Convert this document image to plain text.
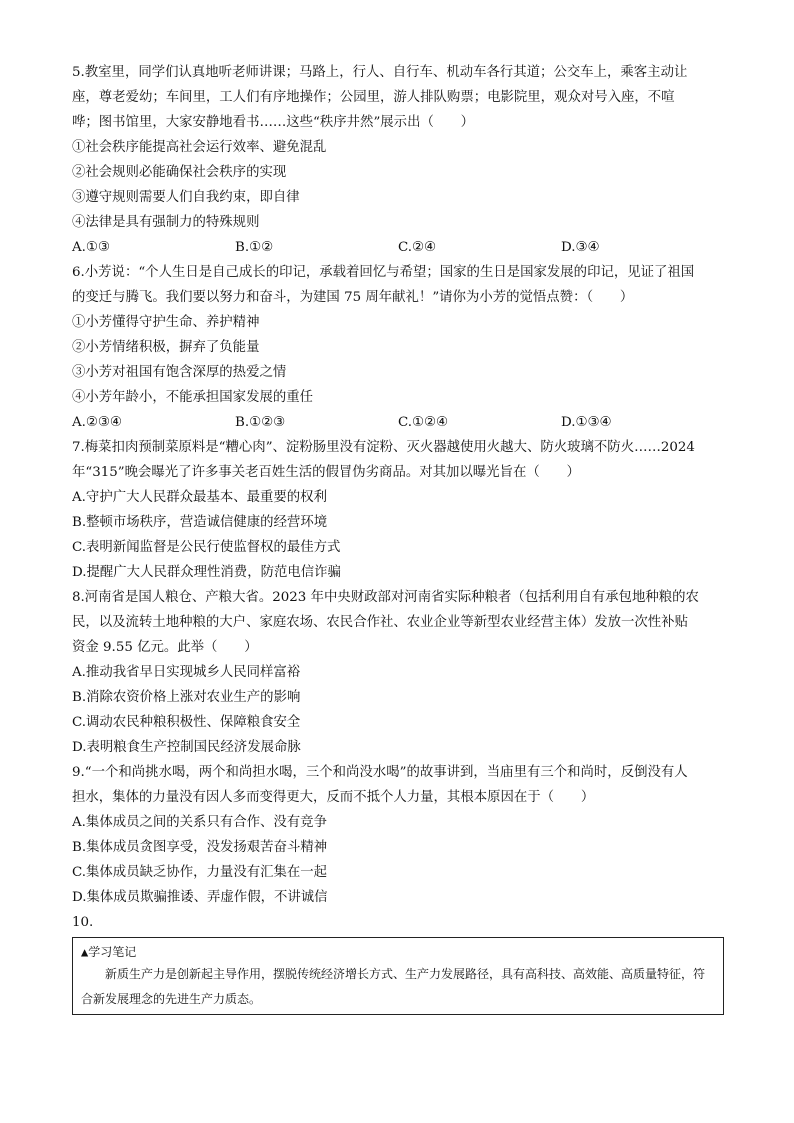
5.教室里，同学们认真地听老师讲课；马路上，行人、自行车、机动车各行其道；公交车上，乘客主动让
座，尊老爱幼；车间里，工人们有序地操作；公园里，游人排队购票；电影院里，观众对号入座，不喧
哗；图书馆里，大家安静地看书……这些“秩序井然”展示出（　　）
①社会秩序能提高社会运行效率、避免混乱
②社会规则必能确保社会秩序的实现
③遵守规则需要人们自我约束，即自律
④法律是具有强制力的特殊规则
A.①③	B.①②	C.②④	D.③④
6.小芳说：“个人生日是自己成长的印记，承载着回忆与希望；国家的生日是国家发展的印记，见证了祖国
的变迁与腾飞。我们要以努力和奋斗，为建国 75 周年献礼！”请你为小芳的觉悟点赞：（　　）
①小芳懂得守护生命、养护精神
②小芳情绪积极，摒弃了负能量
③小芳对祖国有饱含深厚的热爱之情
④小芳年龄小，不能承担国家发展的重任
A.②③④	B.①②③	C.①②④	D.①③④
7.梅菜扣肉预制菜原料是“糟心肉”、淀粉肠里没有淀粉、灭火器越使用火越大、防火玻璃不防火……2024
年“315”晚会曝光了许多事关老百姓生活的假冒伪劣商品。对其加以曝光旨在（　　）
A.守护广大人民群众最基本、最重要的权利
B.整顿市场秩序，营造诚信健康的经营环境
C.表明新闻监督是公民行使监督权的最佳方式
D.提醒广大人民群众理性消费，防范电信诈骗
8.河南省是国人粮仓、产粮大省。2023 年中央财政部对河南省实际种粮者（包括利用自有承包地种粮的农
民，以及流转土地种粮的大户、家庭农场、农民合作社、农业企业等新型农业经营主体）发放一次性补贴
资金 9.55 亿元。此举（　　）
A.推动我省早日实现城乡人民同样富裕
B.消除农资价格上涨对农业生产的影响
C.调动农民种粮积极性、保障粮食安全
D.表明粮食生产控制国民经济发展命脉
9.“一个和尚挑水喝，两个和尚担水喝，三个和尚没水喝”的故事讲到，当庙里有三个和尚时，反倒没有人
担水，集体的力量没有因人多而变得更大，反而不抵个人力量，其根本原因在于（　　）
A.集体成员之间的关系只有合作、没有竞争
B.集体成员贪图享受，没发扬艰苦奋斗精神
C.集体成员缺乏协作，力量没有汇集在一起
D.集体成员欺骗推诿、弄虚作假，不讲诚信
10.
▲学习笔记
新质生产力是创新起主导作用，摆脱传统经济增长方式、生产力发展路径，具有高科技、高效能、高质量特征，符合新发展理念的先进生产力质态。
